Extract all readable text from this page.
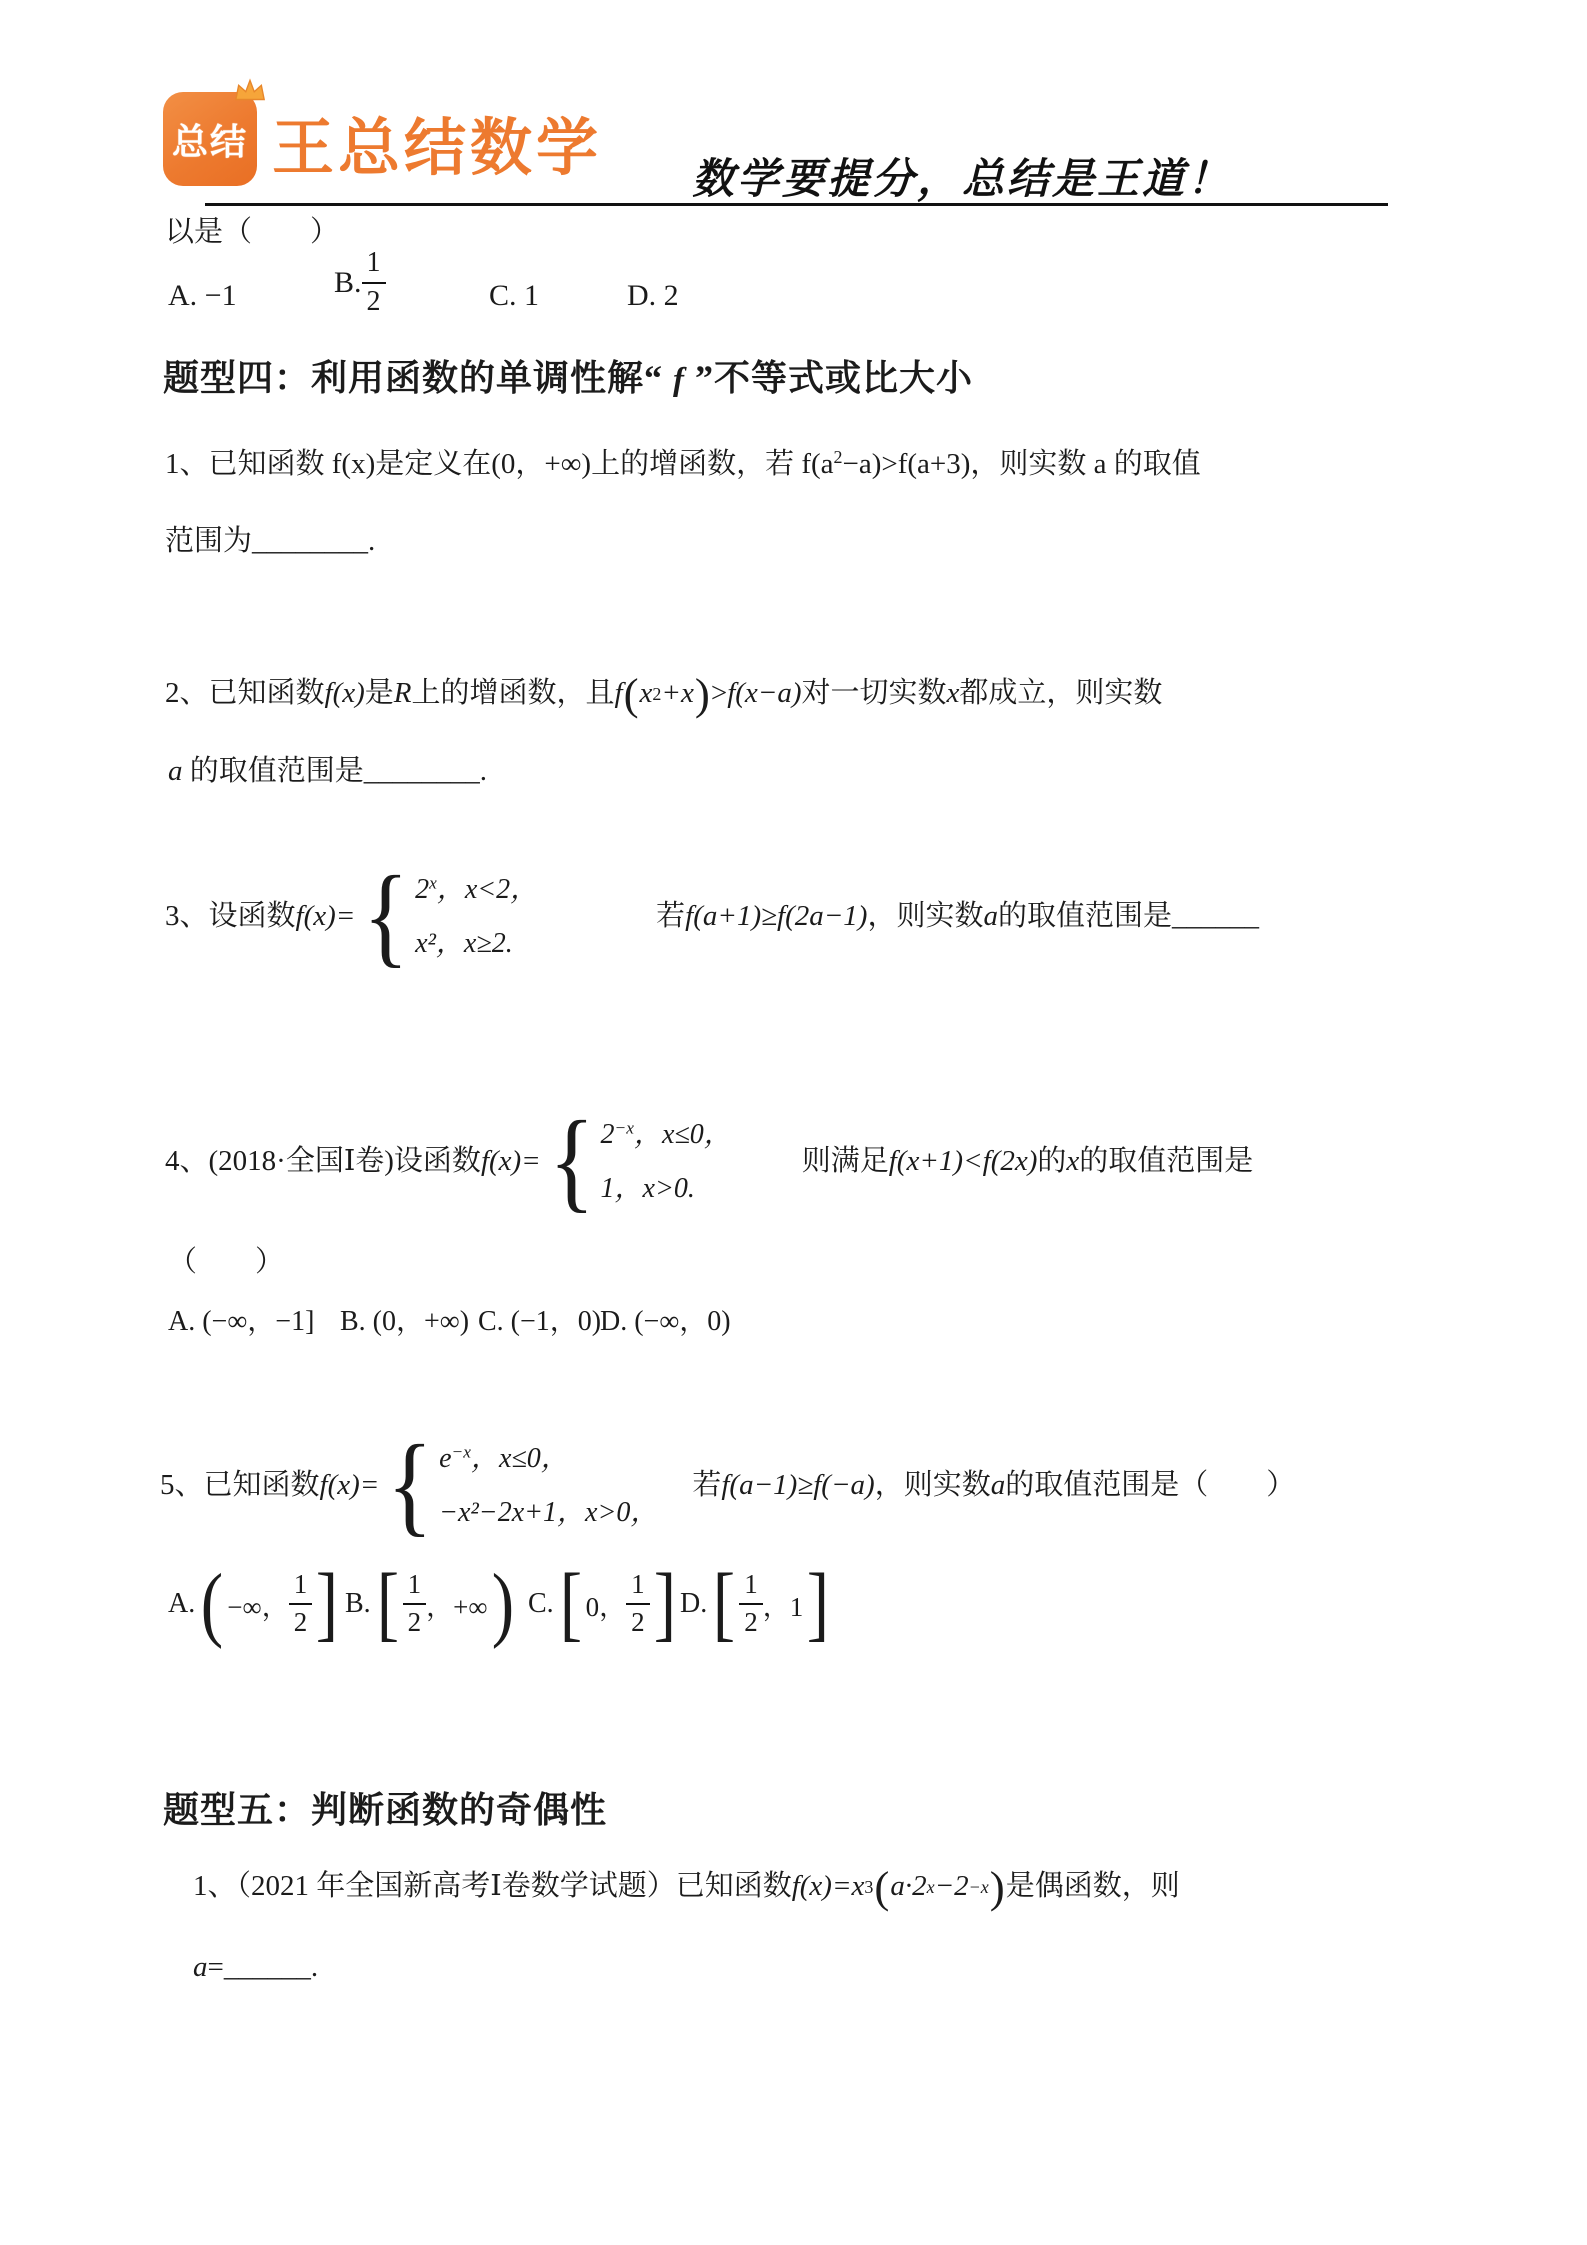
总结 王总结数学 数学要提分，总结是王道！
以是（　　）
A. −1	B. $\frac{1}{2}$	C. 1	D. 2
题型四：利用函数的单调性解“ f ”不等式或比大小
1、已知函数 f(x)是定义在(0，+∞)上的增函数，若 $f(a^2-a)>f(a+3)$，则实数 a 的取值
范围为________.
2、已知函数 f(x) 是 R 上的增函数，且 f ( x 2 +x ) > f(x−a) 对一切实数 x 都成立，则实数
a 的取值范围是________.
3、设函数 f(x)= { 2$^x$，x<2，
x²，x≥2.
若 f(a+1)≥f(2a−1) ，则实数 a 的取值范围是______
4、(2018·全国Ⅰ卷)设函数 f(x)= { $2^{-x}$，x≤0，
1，x>0.
则满足 f(x+1)<f(2x) 的 x 的取值范围是
（　　）
A. (−∞，−1] B. (0，+∞) C. (−1，0)
D. (−∞，0)
5、已知函数 f(x)= { $e^{-x}$，x≤0，
−x²−2x+1，x>0，
若 f(a−1)≥f(−a) ，则实数 a 的取值范围是（　　）
A. ( −∞， $\frac{1}{2}$ ] B. [ $\frac{1}{2}$ ，+∞ ) C. [ 0， $\frac{1}{2}$ ] D. [ $\frac{1}{2}$ ，1 ]
题型五：判断函数的奇偶性
1、（2021 年全国新高考Ⅰ卷数学试题）已知函数 f(x)=x 3 ( a·2 x −2 −x ) 是偶函数，则
a=______.
